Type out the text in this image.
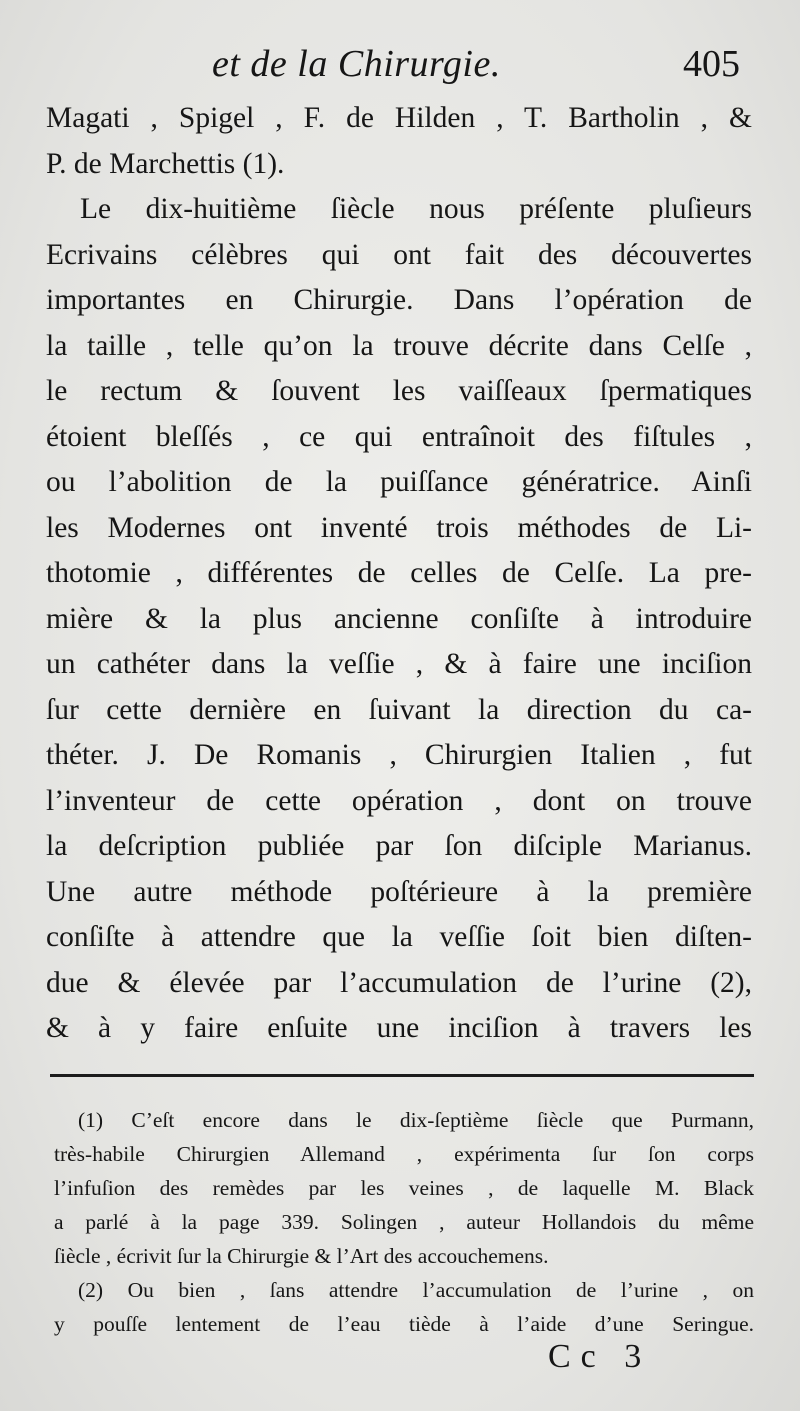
et de la Chirurgie.	405
Magati , Spigel , F. de Hilden , T. Bartholin , &
P. de Marchettis (1).
Le dix-huitième ſiècle nous préſente pluſieurs
Ecrivains célèbres qui ont fait des découvertes
importantes en Chirurgie. Dans l’opération de
la taille , telle qu’on la trouve décrite dans Celſe ,
le rectum & ſouvent les vaiſſeaux ſpermatiques
étoient bleſſés , ce qui entraînoit des fiſtules ,
ou l’abolition de la puiſſance génératrice. Ainſi
les Modernes ont inventé trois méthodes de Li-
thotomie , différentes de celles de Celſe. La pre-
mière & la plus ancienne conſiſte à introduire
un cathéter dans la veſſie , & à faire une inciſion
ſur cette dernière en ſuivant la direction du ca-
théter. J. De Romanis , Chirurgien Italien , fut
l’inventeur de cette opération , dont on trouve
la deſcription publiée par ſon diſciple Marianus.
Une autre méthode poſtérieure à la première
conſiſte à attendre que la veſſie ſoit bien diſten-
due & élevée par l’accumulation de l’urine (2),
& à y faire enſuite une inciſion à travers les
(1) C’eſt encore dans le dix-ſeptième ſiècle que Purmann,
très-habile Chirurgien Allemand , expérimenta ſur ſon corps
l’infuſion des remèdes par les veines , de laquelle M. Black
a parlé à la page 339. Solingen , auteur Hollandois du même
ſiècle , écrivit ſur la Chirurgie & l’Art des accouchemens.
(2) Ou bien , ſans attendre l’accumulation de l’urine , on
y pouſſe lentement de l’eau tiède à l’aide d’une Seringue.
Cc 3
